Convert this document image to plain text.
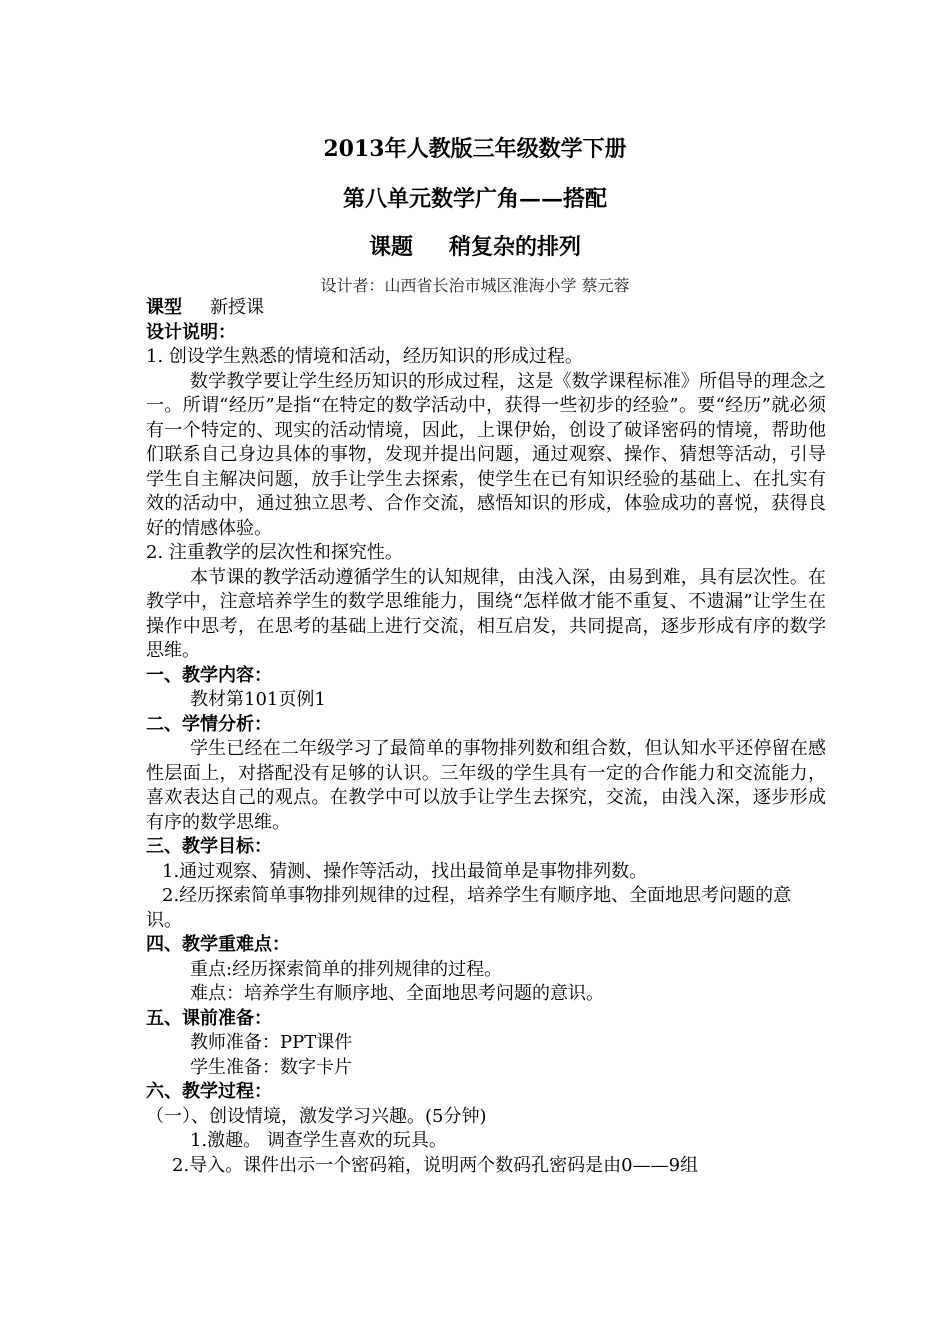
2013年人教版三年级数学下册
第八单元数学广角——搭配
课题 稍复杂的排列
设计者：山西省长治市城区淮海小学 蔡元蓉

课型 新授课

设计说明：

1. 创设学生熟悉的情境和活动，经历知识的形成过程。

数学教学要让学生经历知识的形成过程，这是《数学课程标准》所倡导的理念之一。所谓“经历”是指“在特定的数学活动中，获得一些初步的经验”。要“经历”就必须有一个特定的、现实的活动情境，因此，上课伊始，创设了破译密码的情境，帮助他们联系自己身边具体的事物，发现并提出问题，通过观察、操作、猜想等活动，引导学生自主解决问题，放手让学生去探索，使学生在已有知识经验的基础上、在扎实有效的活动中，通过独立思考、合作交流，感悟知识的形成，体验成功的喜悦，获得良好的情感体验。

2. 注重教学的层次性和探究性。

本节课的教学活动遵循学生的认知规律，由浅入深，由易到难，具有层次性。在教学中，注意培养学生的数学思维能力，围绕“怎样做才能不重复、不遗漏”让学生在操作中思考，在思考的基础上进行交流，相互启发，共同提高，逐步形成有序的数学思维。

一、教学内容：

教材第101页例1

二、学情分析：

学生已经在二年级学习了最简单的事物排列数和组合数，但认知水平还停留在感性层面上，对搭配没有足够的认识。三年级的学生具有一定的合作能力和交流能力，喜欢表达自己的观点。在教学中可以放手让学生去探究，交流，由浅入深，逐步形成有序的数学思维。

三、教学目标：

1.通过观察、猜测、操作等活动，找出最简单是事物排列数。

2.经历探索简单事物排列规律的过程，培养学生有顺序地、全面地思考问题的意识。

四、教学重难点：

重点:经历探索简单的排列规律的过程。

难点：培养学生有顺序地、全面地思考问题的意识。

五、课前准备：

教师准备：PPT课件

学生准备：数字卡片

六、教学过程：

（一）、创设情境，激发学习兴趣。(5分钟)

1.激趣。 调查学生喜欢的玩具。

2.导入。课件出示一个密码箱，说明两个数码孔密码是由0——9组
